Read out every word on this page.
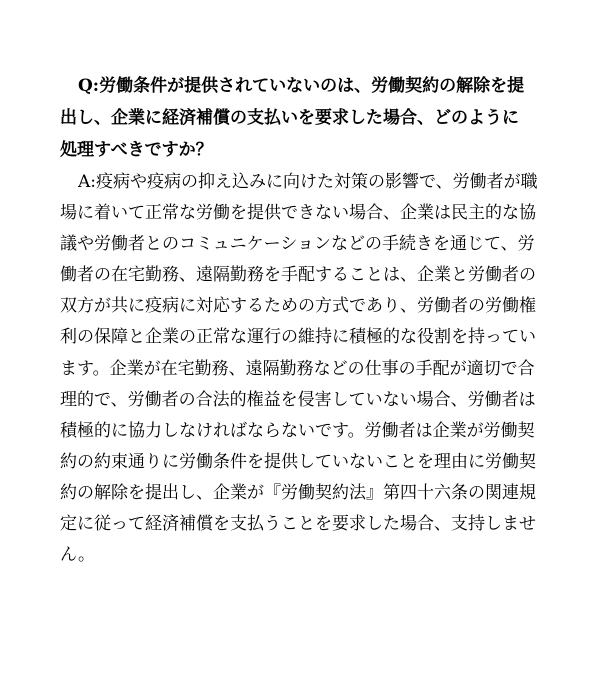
Q:労働条件が提供されていないのは、労働契約の解除を提
出し、企業に経済補償の支払いを要求した場合、どのように
処理すべきですか？
A:疫病や疫病の抑え込みに向けた対策の影響で、労働者が職
場に着いて正常な労働を提供できない場合、企業は民主的な協
議や労働者とのコミュニケーションなどの手続きを通じて、労
働者の在宅勤務、遠隔勤務を手配することは、企業と労働者の
双方が共に疫病に対応するための方式であり、労働者の労働権
利の保障と企業の正常な運行の維持に積極的な役割を持ってい
ます。企業が在宅勤務、遠隔勤務などの仕事の手配が適切で合
理的で、労働者の合法的権益を侵害していない場合、労働者は
積極的に協力しなければならないです。労働者は企業が労働契
約の約束通りに労働条件を提供していないことを理由に労働契
約の解除を提出し、企業が『労働契約法』第四十六条の関連規
定に従って経済補償を支払うことを要求した場合、支持しませ
ん。
